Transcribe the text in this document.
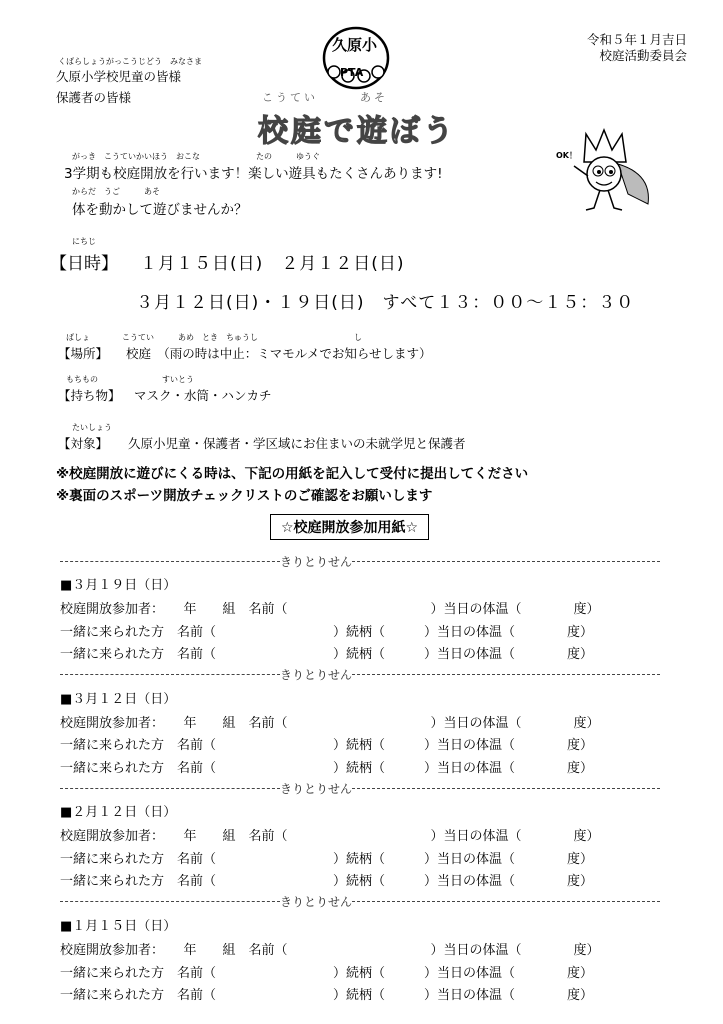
令和５年１月吉日
校庭活動委員会
くばらしょうがっこうじどう　みなさま
久原小学校児童の皆様
保護者の皆様
久原小
PTA
こうてい　　　あそ
校庭で遊ぼう
OK！
がっき　こうていかいほう　おこな　　　　　　　たの　　　ゆうぐ
3学期も校庭開放を行います！楽しい遊具もたくさんあります!
からだ　うご　　　あそ
体を動かして遊びませんか？
にちじ
【日時】 １月１５日(日)　２月１２日(日)
３月１２日(日)・１９日(日)　すべて１３：００～１５：３０
ばしょ　　　　こうてい　　　あめ　とき　ちゅうし　　　　　　　　　　　　し
【場所】 校庭　（雨の時は中止：ミマモルメでお知らせします）
もちもの　　　　　　　　すいとう
【持ち物】 マスク・水筒・ハンカチ
たいしょう
【対象】 久原小児童・保護者・学区域にお住まいの未就学児と保護者
※校庭開放に遊びにくる時は、下記の用紙を記入して受付に提出してください
※裏面のスポーツ開放チェックリストのご確認をお願いします
☆校庭開放参加用紙☆
きりとりせん
■３月１９日（日）
校庭開放参加者：　　年　　組　名前（　　　　　　　　　　　）当日の体温（　　　　度）
一緒に来られた方　名前（　　　　　　　　　）続柄（　　　）当日の体温（　　　　度）
一緒に来られた方　名前（　　　　　　　　　）続柄（　　　）当日の体温（　　　　度）
きりとりせん
■３月１２日（日）
校庭開放参加者：　　年　　組　名前（　　　　　　　　　　　）当日の体温（　　　　度）
一緒に来られた方　名前（　　　　　　　　　）続柄（　　　）当日の体温（　　　　度）
一緒に来られた方　名前（　　　　　　　　　）続柄（　　　）当日の体温（　　　　度）
きりとりせん
■２月１２日（日）
校庭開放参加者：　　年　　組　名前（　　　　　　　　　　　）当日の体温（　　　　度）
一緒に来られた方　名前（　　　　　　　　　）続柄（　　　）当日の体温（　　　　度）
一緒に来られた方　名前（　　　　　　　　　）続柄（　　　）当日の体温（　　　　度）
きりとりせん
■１月１５日（日）
校庭開放参加者：　　年　　組　名前（　　　　　　　　　　　）当日の体温（　　　　度）
一緒に来られた方　名前（　　　　　　　　　）続柄（　　　）当日の体温（　　　　度）
一緒に来られた方　名前（　　　　　　　　　）続柄（　　　）当日の体温（　　　　度）
